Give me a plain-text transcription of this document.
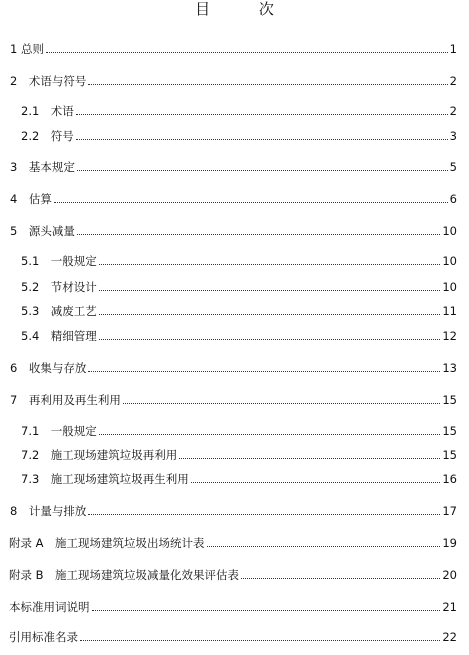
目 次
1 总则	1
2　术语与符号	2
2.1　术语	2
2.2　符号	3
3　基本规定	5
4　估算	6
5　源头减量	10
5.1　一般规定	10
5.2　节材设计	10
5.3　减废工艺	11
5.4　精细管理	12
6　收集与存放	13
7　再利用及再生利用	15
7.1　一般规定	15
7.2　施工现场建筑垃圾再利用	15
7.3　施工现场建筑垃圾再生利用	16
8　计量与排放	17
附录 A　施工现场建筑垃圾出场统计表	19
附录 B　施工现场建筑垃圾减量化效果评估表	20
本标准用词说明	21
引用标准名录	22
